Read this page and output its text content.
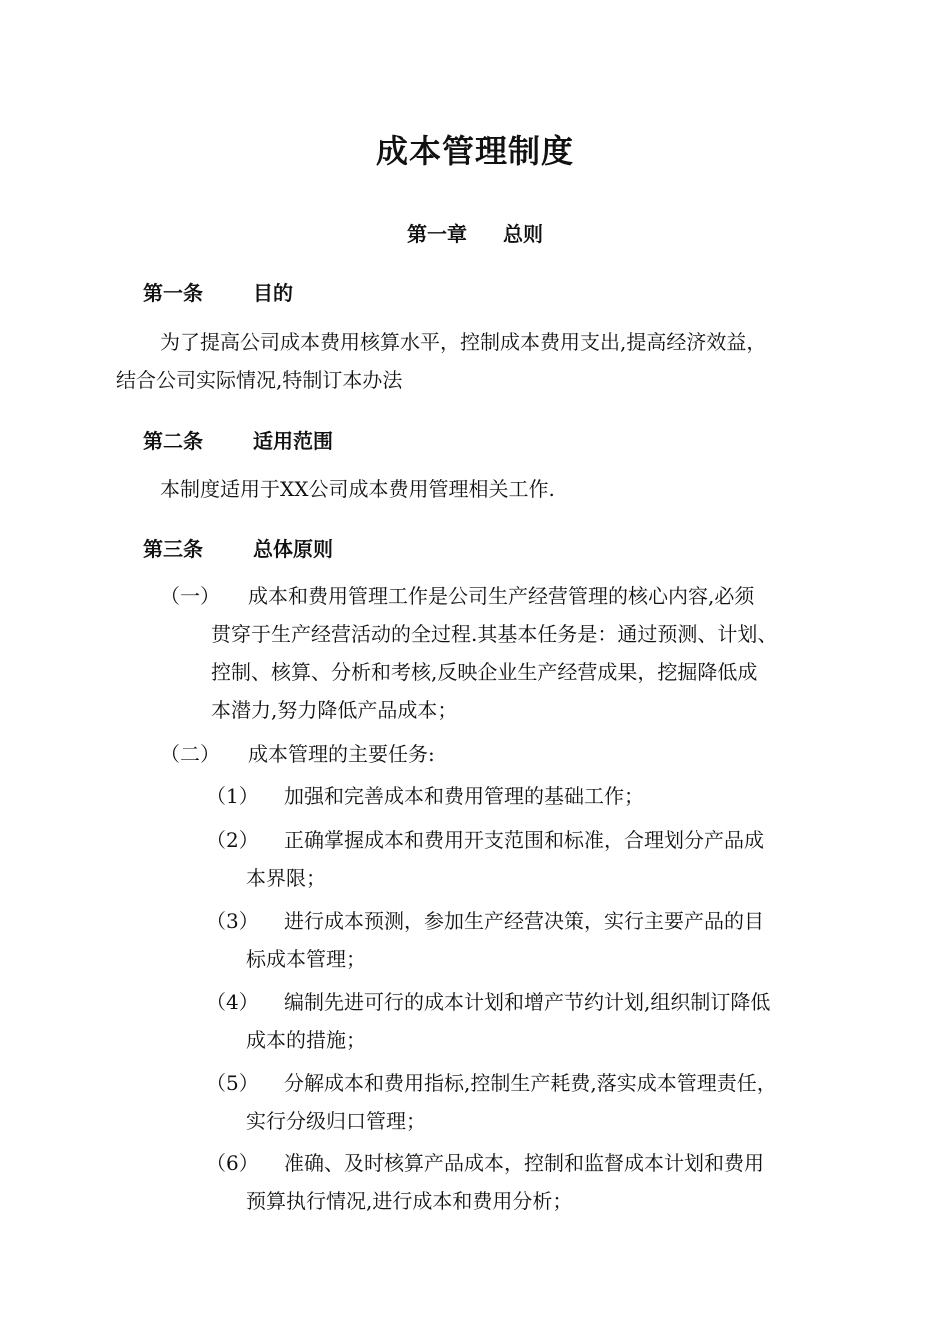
成本管理制度
第一章 总则
第一条	目的
为了提高公司成本费用核算水平，控制成本费用支出,提高经济效益，
结合公司实际情况,特制订本办法
第二条	适用范围
本制度适用于XX公司成本费用管理相关工作.
第三条	总体原则
（一） 成本和费用管理工作是公司生产经营管理的核心内容,必须
贯穿于生产经营活动的全过程.其基本任务是：通过预测、计划、
控制、核算、分析和考核,反映企业生产经营成果，挖掘降低成
本潜力,努力降低产品成本；
（二） 成本管理的主要任务:
（1） 加强和完善成本和费用管理的基础工作；
（2） 正确掌握成本和费用开支范围和标准，合理划分产品成
本界限；
（3） 进行成本预测，参加生产经营决策，实行主要产品的目
标成本管理；
（4） 编制先进可行的成本计划和增产节约计划,组织制订降低
成本的措施；
（5） 分解成本和费用指标,控制生产耗费,落实成本管理责任，
实行分级归口管理；
（6） 准确、及时核算产品成本，控制和监督成本计划和费用
预算执行情况,进行成本和费用分析；
